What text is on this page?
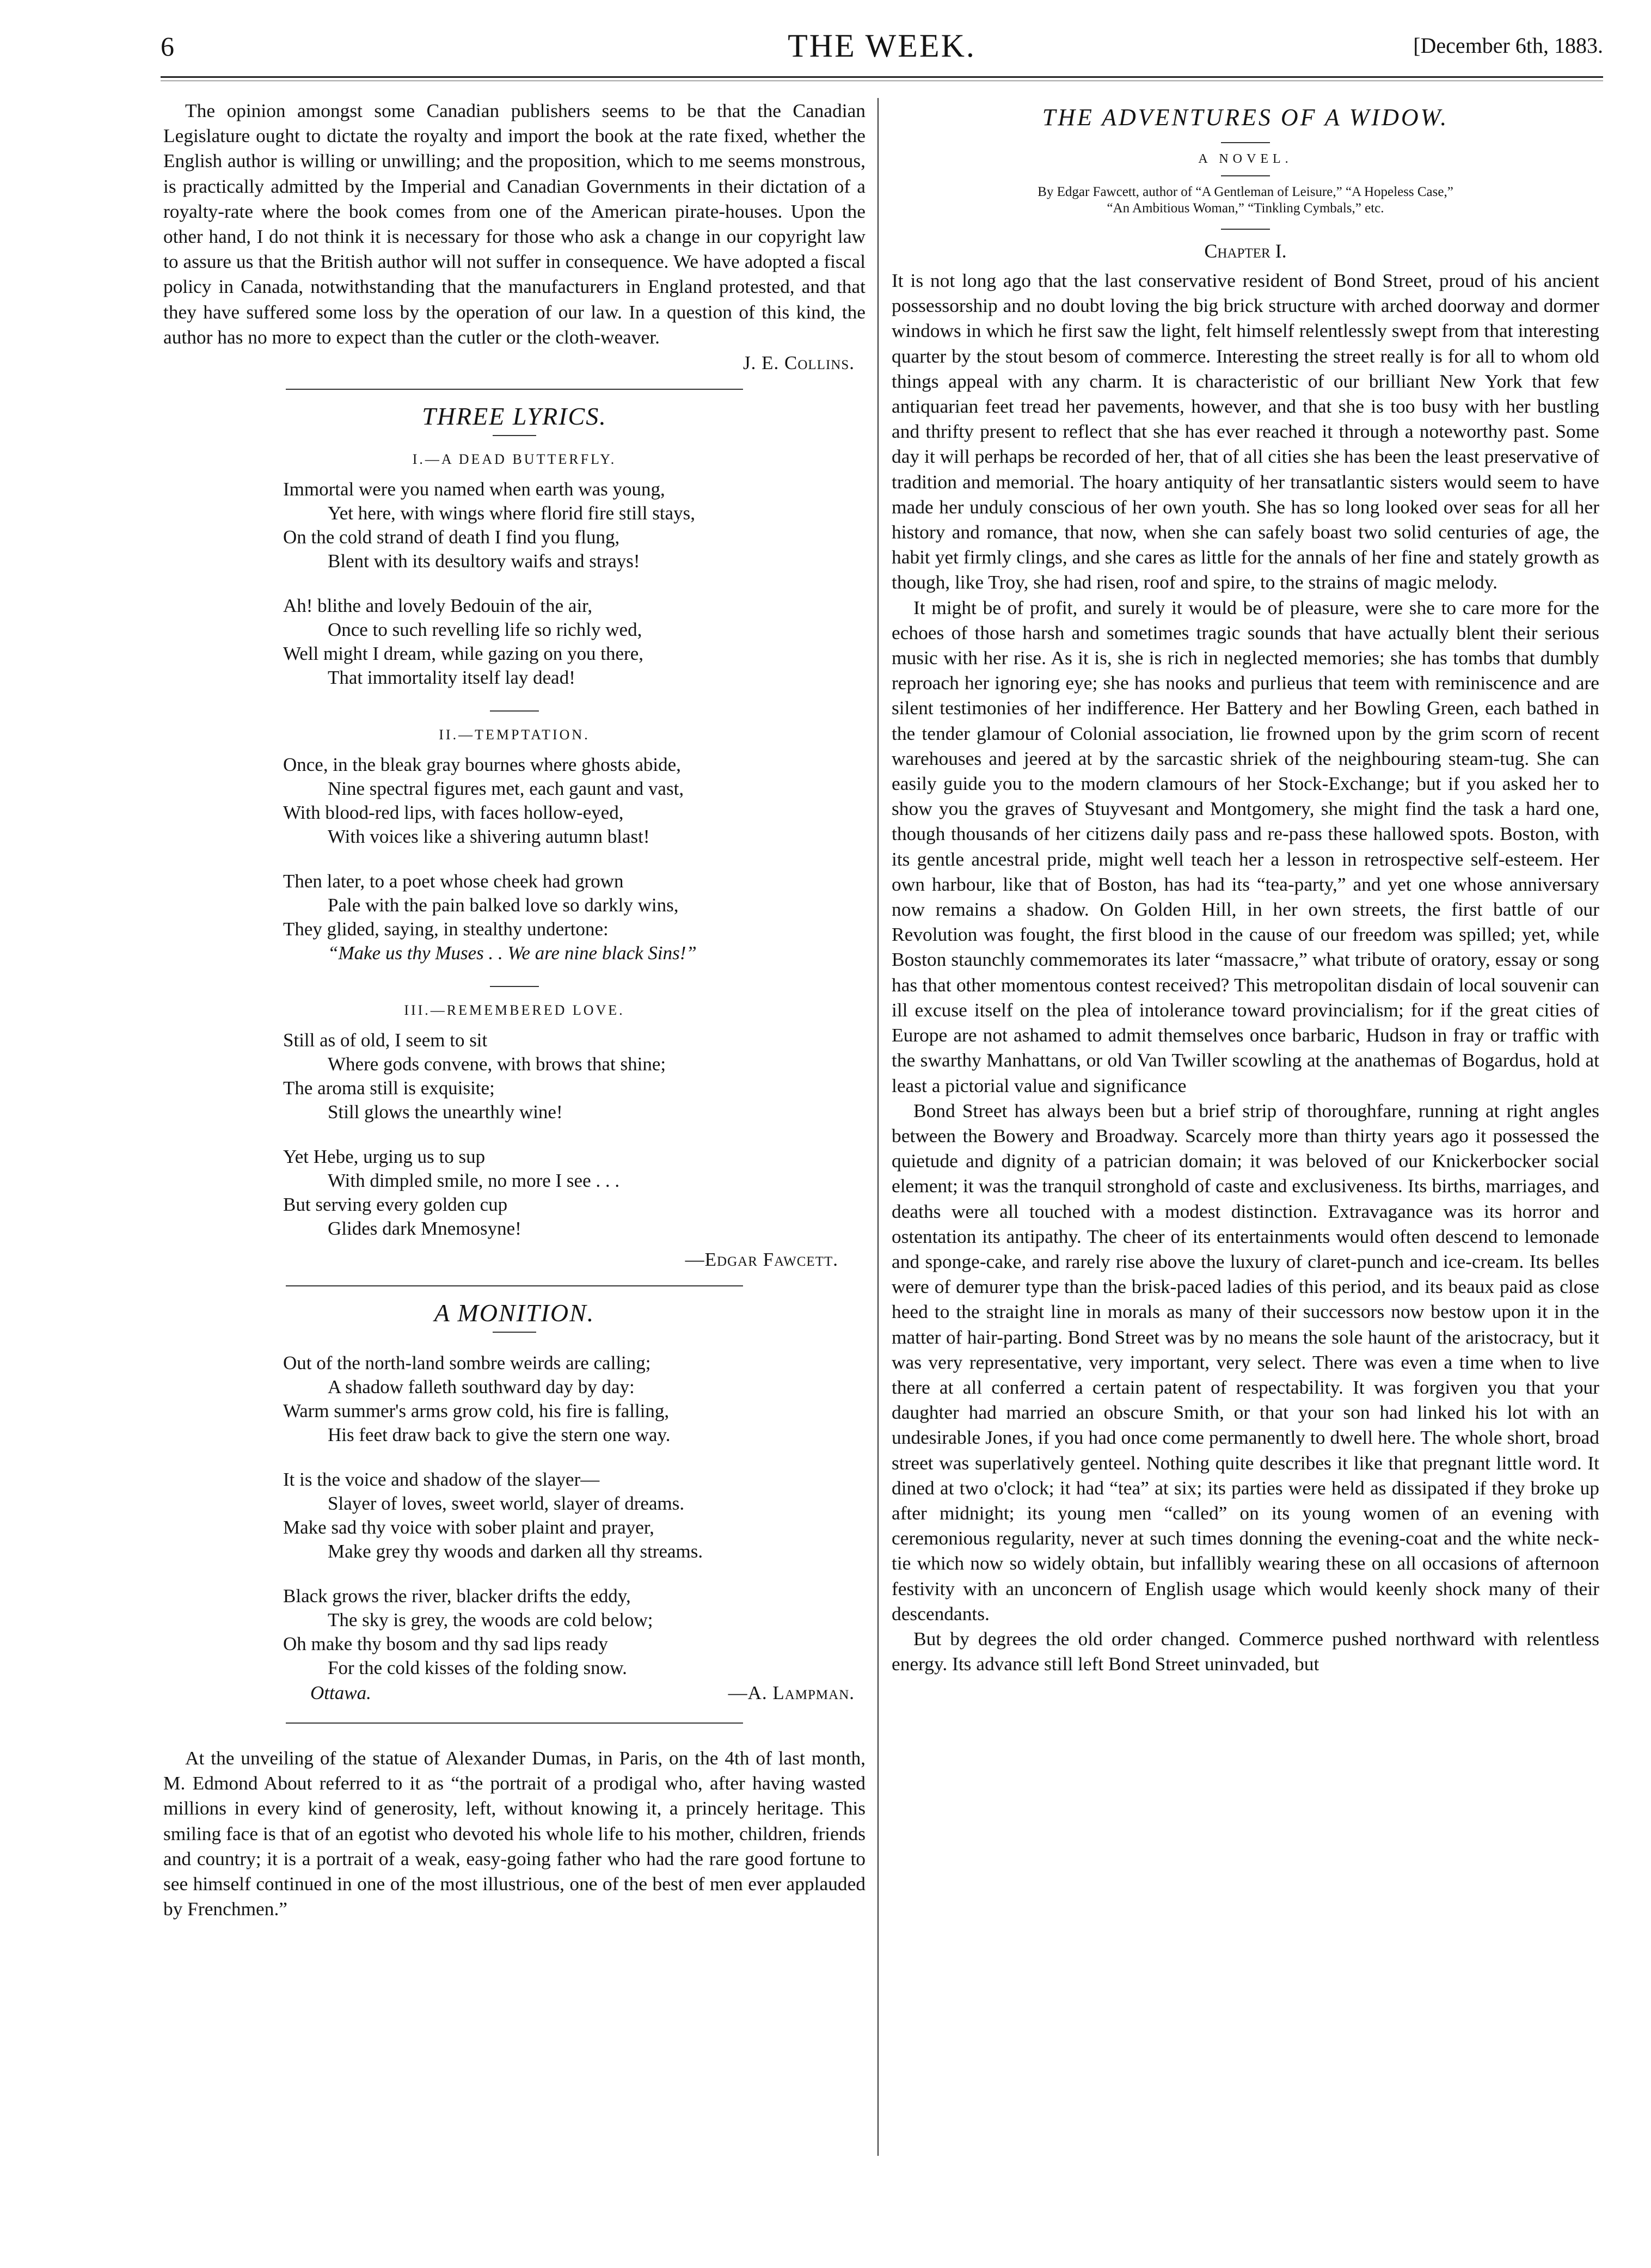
6	THE WEEK.	[December 6th, 1883.

The opinion amongst some Canadian publishers seems to be that the Canadian Legislature ought to dictate the royalty and import the book at the rate fixed, whether the English author is willing or unwilling; and the proposition, which to me seems monstrous, is practically admitted by the Imperial and Canadian Governments in their dictation of a royalty-rate where the book comes from one of the American pirate-houses. Upon the other hand, I do not think it is necessary for those who ask a change in our copyright law to assure us that the British author will not suffer in consequence. We have adopted a fiscal policy in Canada, notwithstanding that the manufacturers in England protested, and that they have suffered some loss by the operation of our law. In a question of this kind, the author has no more to expect than the cutler or the cloth-weaver.

J. E. Collins.
THREE LYRICS.
I.—A DEAD BUTTERFLY.
Immortal were you named when earth was young,
Yet here, with wings where florid fire still stays,
On the cold strand of death I find you flung,
Blent with its desultory waifs and strays!
Ah! blithe and lovely Bedouin of the air,
Once to such revelling life so richly wed,
Well might I dream, while gazing on you there,
That immortality itself lay dead!
II.—TEMPTATION.
Once, in the bleak gray bournes where ghosts abide,
Nine spectral figures met, each gaunt and vast,
With blood-red lips, with faces hollow-eyed,
With voices like a shivering autumn blast!
Then later, to a poet whose cheek had grown
Pale with the pain balked love so darkly wins,
They glided, saying, in stealthy undertone:
“Make us thy Muses . . We are nine black Sins!”
III.—REMEMBERED LOVE.
Still as of old, I seem to sit
Where gods convene, with brows that shine;
The aroma still is exquisite;
Still glows the unearthly wine!
Yet Hebe, urging us to sup
With dimpled smile, no more I see . . .
But serving every golden cup
Glides dark Mnemosyne!
—Edgar Fawcett.
A MONITION.
Out of the north-land sombre weirds are calling;
A shadow falleth southward day by day:
Warm summer's arms grow cold, his fire is falling,
His feet draw back to give the stern one way.
It is the voice and shadow of the slayer—
Slayer of loves, sweet world, slayer of dreams.
Make sad thy voice with sober plaint and prayer,
Make grey thy woods and darken all thy streams.
Black grows the river, blacker drifts the eddy,
The sky is grey, the woods are cold below;
Oh make thy bosom and thy sad lips ready
For the cold kisses of the folding snow.
Ottawa.	—A. Lampman.

At the unveiling of the statue of Alexander Dumas, in Paris, on the 4th of last month, M. Edmond About referred to it as “the portrait of a prodigal who, after having wasted millions in every kind of generosity, left, without knowing it, a princely heritage. This smiling face is that of an egotist who devoted his whole life to his mother, children, friends and country; it is a portrait of a weak, easy-going father who had the rare good fortune to see himself continued in one of the most illustrious, one of the best of men ever applauded by Frenchmen.”

THE ADVENTURES OF A WIDOW.
A NOVEL.
By Edgar Fawcett, author of “A Gentleman of Leisure,” “A Hopeless Case,”
“An Ambitious Woman,” “Tinkling Cymbals,” etc.
Chapter I.

It is not long ago that the last conservative resident of Bond Street, proud of his ancient possessorship and no doubt loving the big brick structure with arched doorway and dormer windows in which he first saw the light, felt himself relentlessly swept from that interesting quarter by the stout besom of commerce. Interesting the street really is for all to whom old things appeal with any charm. It is characteristic of our brilliant New York that few antiquarian feet tread her pavements, however, and that she is too busy with her bustling and thrifty present to reflect that she has ever reached it through a noteworthy past. Some day it will perhaps be recorded of her, that of all cities she has been the least preservative of tradition and memorial. The hoary antiquity of her transatlantic sisters would seem to have made her unduly conscious of her own youth. She has so long looked over seas for all her history and romance, that now, when she can safely boast two solid centuries of age, the habit yet firmly clings, and she cares as little for the annals of her fine and stately growth as though, like Troy, she had risen, roof and spire, to the strains of magic melody.

It might be of profit, and surely it would be of pleasure, were she to care more for the echoes of those harsh and sometimes tragic sounds that have actually blent their serious music with her rise. As it is, she is rich in neglected memories; she has tombs that dumbly reproach her ignoring eye; she has nooks and purlieus that teem with reminiscence and are silent testimonies of her indifference. Her Battery and her Bowling Green, each bathed in the tender glamour of Colonial association, lie frowned upon by the grim scorn of recent warehouses and jeered at by the sarcastic shriek of the neighbouring steam-tug. She can easily guide you to the modern clamours of her Stock-Exchange; but if you asked her to show you the graves of Stuyvesant and Montgomery, she might find the task a hard one, though thousands of her citizens daily pass and re-pass these hallowed spots. Boston, with its gentle ancestral pride, might well teach her a lesson in retrospective self-esteem. Her own harbour, like that of Boston, has had its “tea-party,” and yet one whose anniversary now remains a shadow. On Golden Hill, in her own streets, the first battle of our Revolution was fought, the first blood in the cause of our freedom was spilled; yet, while Boston staunchly commemorates its later “massacre,” what tribute of oratory, essay or song has that other momentous contest received? This metropolitan disdain of local souvenir can ill excuse itself on the plea of intolerance toward provincialism; for if the great cities of Europe are not ashamed to admit themselves once barbaric, Hudson in fray or traffic with the swarthy Manhattans, or old Van Twiller scowling at the anathemas of Bogardus, hold at least a pictorial value and significance

Bond Street has always been but a brief strip of thoroughfare, running at right angles between the Bowery and Broadway. Scarcely more than thirty years ago it possessed the quietude and dignity of a patrician domain; it was beloved of our Knickerbocker social element; it was the tranquil stronghold of caste and exclusiveness. Its births, marriages, and deaths were all touched with a modest distinction. Extravagance was its horror and ostentation its antipathy. The cheer of its entertainments would often descend to lemonade and sponge-cake, and rarely rise above the luxury of claret-punch and ice-cream. Its belles were of demurer type than the brisk-paced ladies of this period, and its beaux paid as close heed to the straight line in morals as many of their successors now bestow upon it in the matter of hair-parting. Bond Street was by no means the sole haunt of the aristocracy, but it was very representative, very important, very select. There was even a time when to live there at all conferred a certain patent of respectability. It was forgiven you that your daughter had married an obscure Smith, or that your son had linked his lot with an undesirable Jones, if you had once come permanently to dwell here. The whole short, broad street was superlatively genteel. Nothing quite describes it like that pregnant little word. It dined at two o'clock; it had “tea” at six; its parties were held as dissipated if they broke up after midnight; its young men “called” on its young women of an evening with ceremonious regularity, never at such times donning the evening-coat and the white neck-tie which now so widely obtain, but infallibly wearing these on all occasions of afternoon festivity with an unconcern of English usage which would keenly shock many of their descendants.

But by degrees the old order changed. Commerce pushed northward with relentless energy. Its advance still left Bond Street uninvaded, but
